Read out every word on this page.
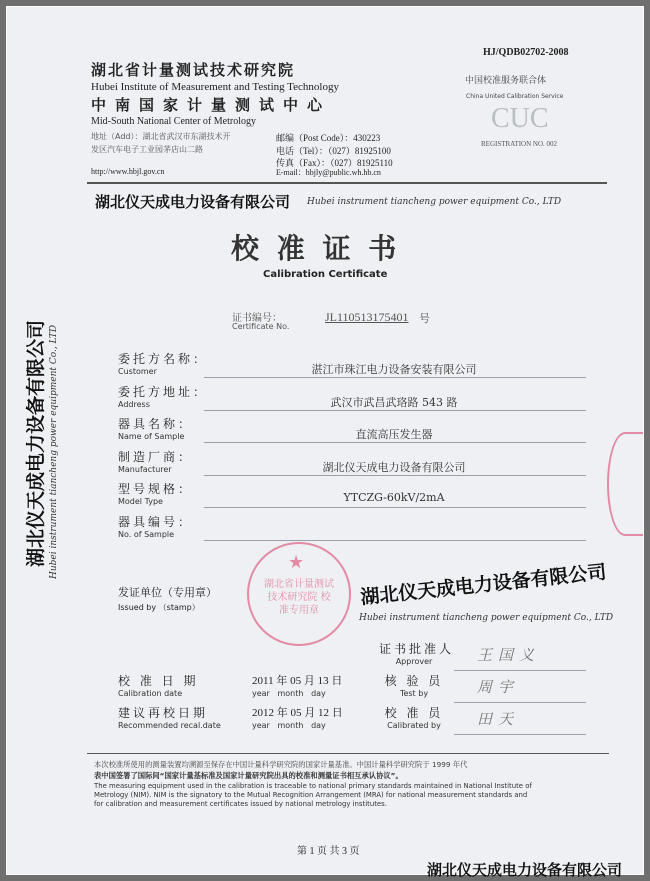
HJ/QDB02702-2008
湖北省计量测试技术研究院
Hubei Institute of Measurement and Testing Technology
中南国家计量测试中心
Mid-South National Center of Metrology
地址（Add）：湖北省武汉市东湖技术开
发区汽车电子工业园茅店山二路
http://www.hbjl.gov.cn
邮编（Post Code）：430223
电话（Tel）：（027）81925100
传真（Fax）：（027）81925110
E-mail：hbjly@public.wh.hb.cn
中国校准服务联合体
China United Calibration Service
CUC
REGISTRATION NO. 002
校 准 证 书
Calibration Certificate
证书编号：
Certificate No.
JL110513175401 号
委托方名称：
Customer	湛江市珠江电力设备安装有限公司
委托方地址：
Address	武汉市武昌武珞路 543 路
器具名称：
Name of Sample	直流高压发生器
制造厂商：
Manufacturer	湖北仪天成电力设备有限公司
型号规格：
Model Type	YTCZG-60kV/2mA
器具编号：
No. of Sample
★
湖北省计量测试技术研究院 校准专用章
发证单位（专用章）
Issued by （stamp）
校 准 日 期
Calibration date
2011 年 05 月 13 日
year   month   day
建议再校日期
Recommended recal.date
2012 年 05 月 12 日
year   month   day
证书批准人
Approver	王国义
核 验 员
Test by	周宇
校 准 员
Calibrated by	田天
本次校准所使用的测量装置均溯源至保存在中国计量科学研究院的国家计量基准。中国计量科学研究院于 1999 年代
表中国签署了国际间“国家计量基标准及国家计量研究院出具的校准和测量证书相互承认协议”。
The measuring equipment used in the calibration is traceable to national primary standards maintained in National Institute of
Metrology (NIM). NIM is the signatory to the Mutual Recognition Arrangement (MRA) for national measurement standards and
for calibration and measurement certificates issued by national metrology institutes.
第 1 页 共 3 页
湖北仪天成电力设备有限公司 Hubei instrument tiancheng power equipment Co., LTD
湖北仪天成电力设备有限公司
Hubei instrument tiancheng power equipment Co., LTD
湖北仪天成电力设备有限公司 Hubei instrument tiancheng power equipment Co., LTD
湖北仪天成电力设备有限公司
